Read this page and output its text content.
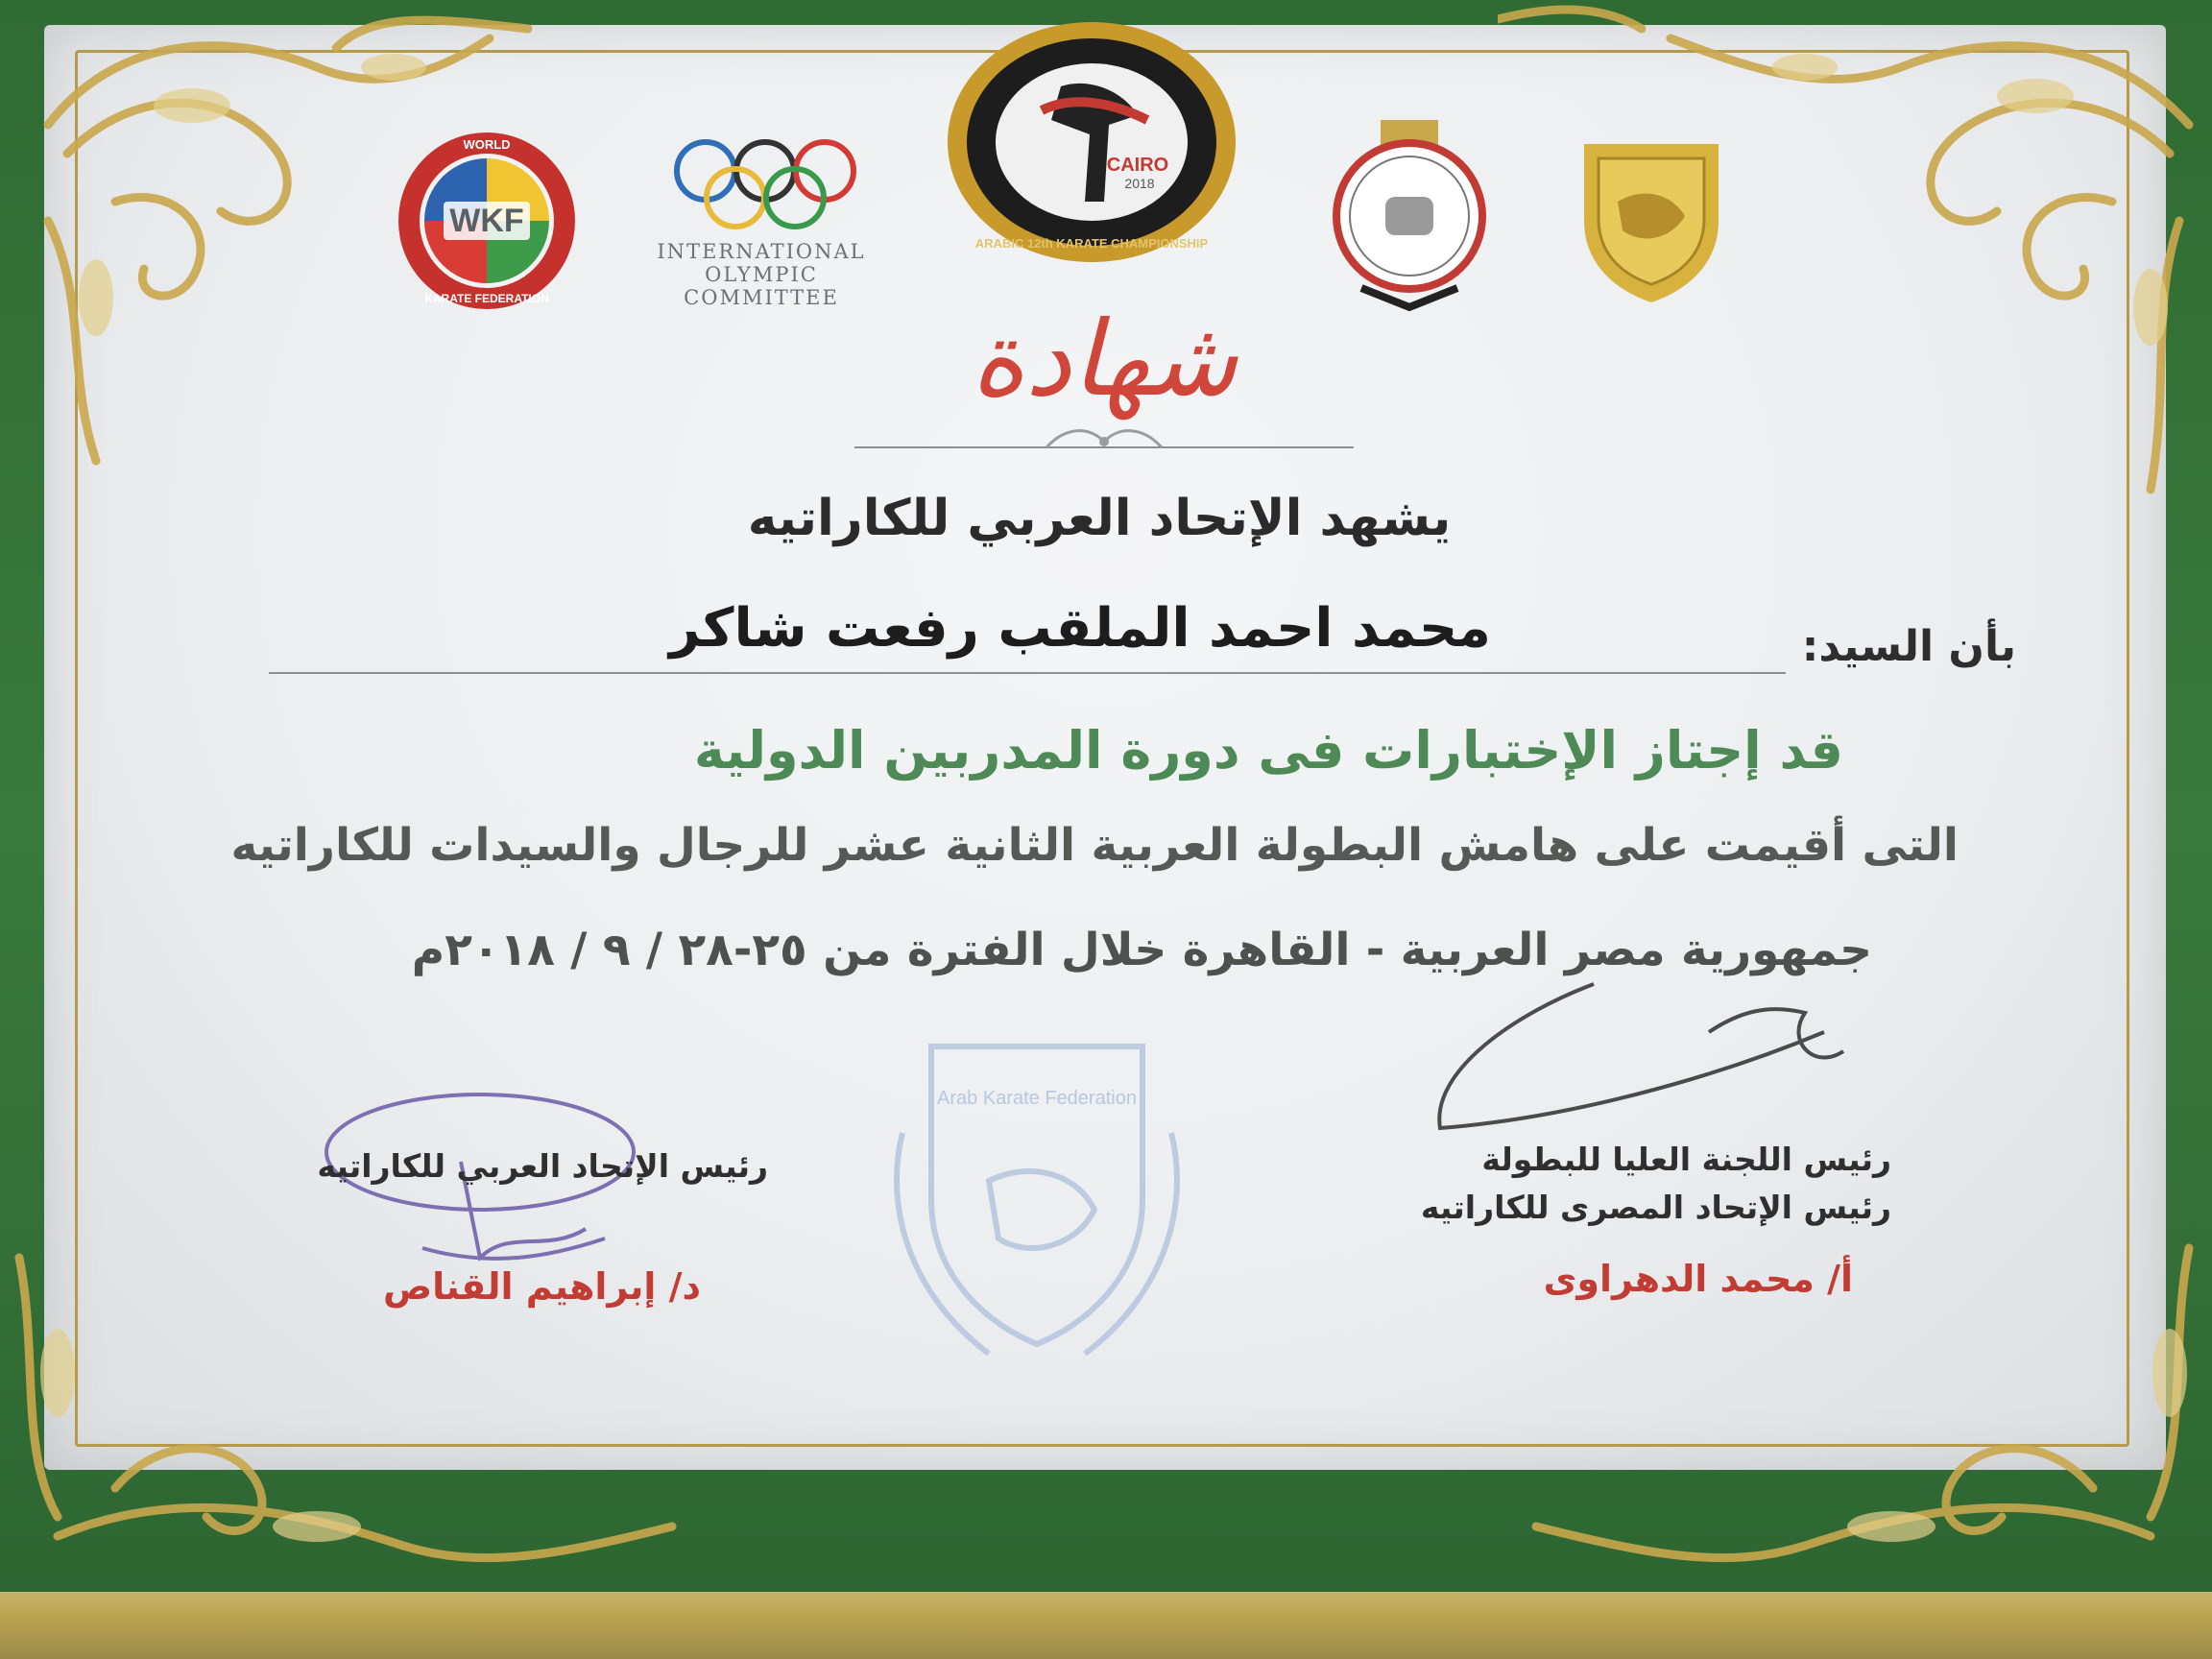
WKF
WORLD
KARATE FEDERATION
INTERNATIONAL
OLYMPIC
COMMITTEE
CAIRO
2018
ARABIC 12th KARATE CHAMPIONSHIP
شهادة
يشهد الإتحاد العربي للكاراتيه
بأن السيد:
محمد احمد الملقب رفعت شاكر
قد إجتاز الإختبارات فى دورة المدربين الدولية
التى أقيمت على هامش البطولة العربية الثانية عشر للرجال والسيدات للكاراتيه
جمهورية مصر العربية - القاهرة خلال الفترة من ٢٥-٢٨ / ٩ / ٢٠١٨م
Arab Karate Federation
رئيس الإتحاد العربي للكاراتيه
د/ إبراهيم القناص
رئيس اللجنة العليا للبطولة
رئيس الإتحاد المصرى للكاراتيه
أ/ محمد الدهراوى
